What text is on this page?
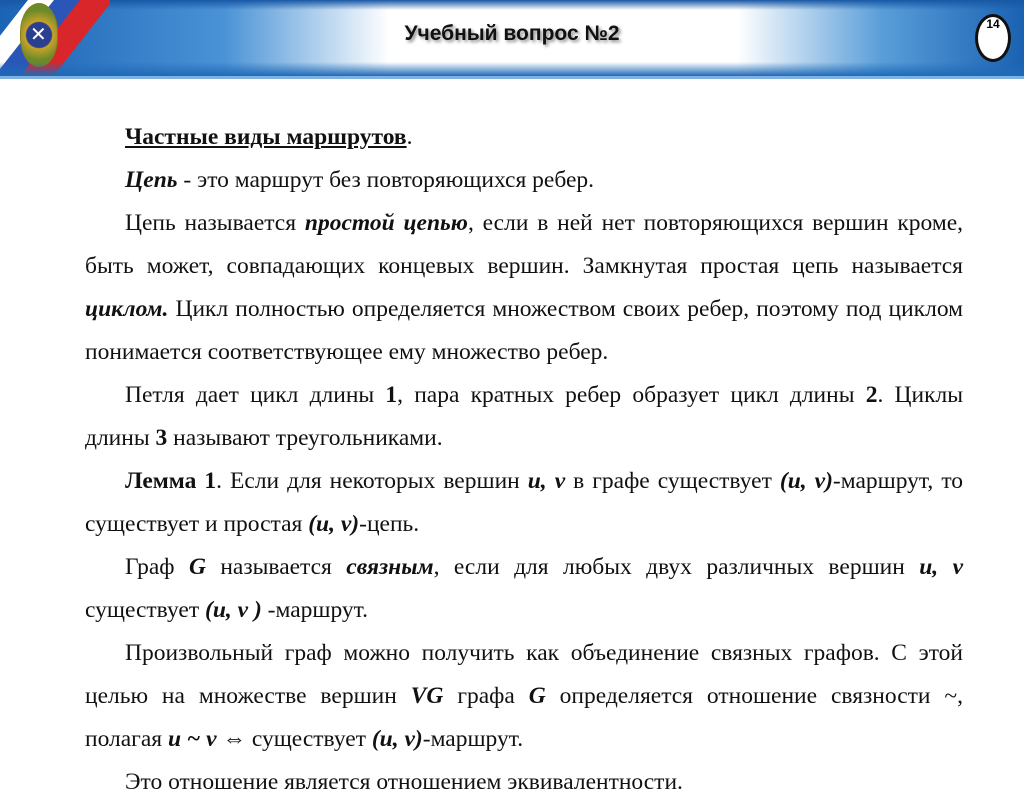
✕	Учебный вопрос №2	14

Частные виды маршрутов.

Цепь - это маршрут без повторяющихся ребер.

Цепь называется простой цепью, если в ней нет повторяющихся вершин кроме, быть может, совпадающих концевых вершин. Замкнутая простая цепь называется циклом. Цикл полностью определяется множеством своих ребер, поэтому под циклом понимается соответствующее ему множество ребер.

Петля дает цикл длины 1, пара кратных ребер образует цикл длины 2. Циклы длины 3 называют треугольниками.

Лемма 1. Если для некоторых вершин u, v в графе существует (u, v)-маршрут, то существует и простая (u, v)-цепь.

Граф G называется связным, если для любых двух различных вершин u, v существует (u, v ) -маршрут.

Произвольный граф можно получить как объединение связных графов. С этой целью на множестве вершин VG графа G определяется отношение связности ~, полагая u ~ v ⇔ существует (u, v)-маршрут.

Это отношение является отношением эквивалентности.
